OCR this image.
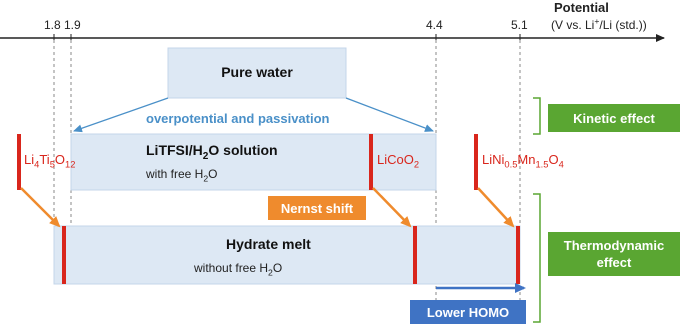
1.8 1.9	4.4	5.1
Potential
(V vs. Li+/Li (std.))
Pure water
overpotential and passivation
LiTFSI/$H_2O$ solution
with free $H_2O$
Hydrate melt
without free $H_2O$
$Li_4Ti_5O_{12}$	LiCoO$_2$	$LiNi_{0.5}Mn_{1.5}O_4$
Nernst shift
Kinetic effect
Thermodynamic
effect
Lower HOMO
